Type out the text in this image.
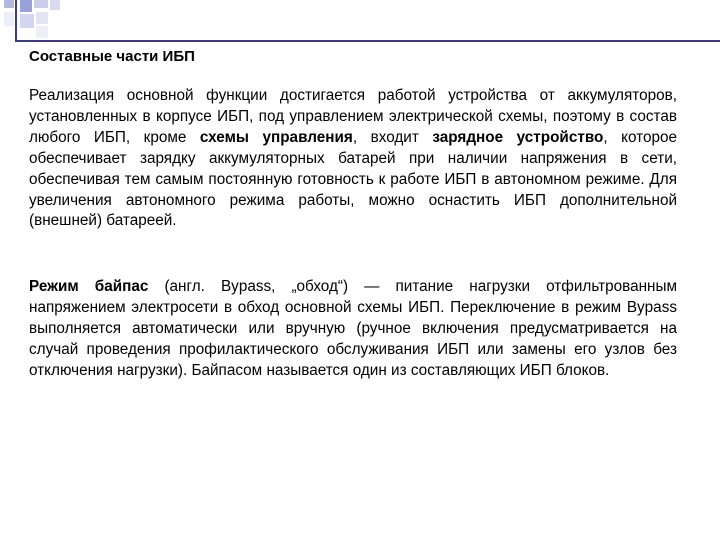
Составные части ИБП

Реализация основной функции достигается работой устройства от аккумуляторов, установленных в корпусе ИБП, под управлением электрической схемы, поэтому в состав любого ИБП, кроме схемы управления, входит зарядное устройство, которое обеспечивает зарядку аккумуляторных батарей при наличии напряжения в сети, обеспечивая тем самым постоянную готовность к работе ИБП в автономном режиме. Для увеличения автономного режима работы, можно оснастить ИБП дополнительной (внешней) батареей.

Режим байпас (англ. Bypass, „обход“) — питание нагрузки отфильтрованным напряжением электросети в обход основной схемы ИБП. Переключение в режим Bypass выполняется автоматически или вручную (ручное включения предусматривается на случай проведения профилактического обслуживания ИБП или замены его узлов без отключения нагрузки). Байпасом называется один из составляющих ИБП блоков.
